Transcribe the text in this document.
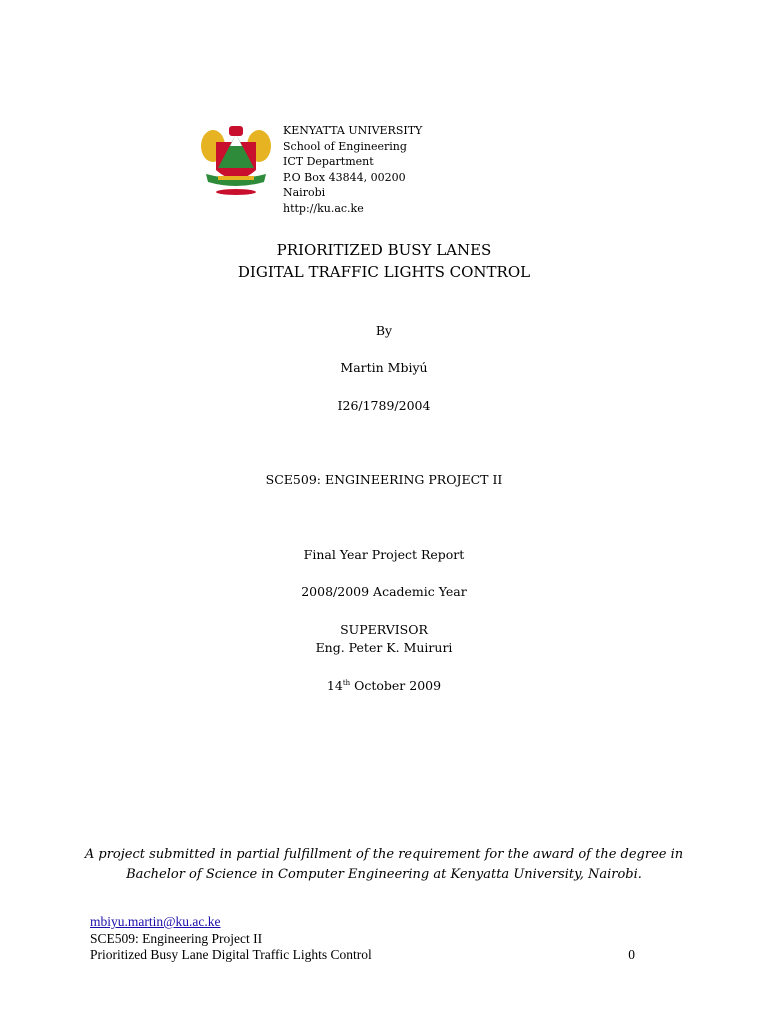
KENYATTA UNIVERSITY
School of Engineering
ICT Department
P.O Box 43844, 00200
Nairobi
http://ku.ac.ke
PRIORITIZED BUSY LANES
DIGITAL TRAFFIC LIGHTS CONTROL
By
Martin Mbiyú
I26/1789/2004
SCE509: ENGINEERING PROJECT II
Final Year Project Report
2008/2009 Academic Year
SUPERVISOR
Eng. Peter K. Muiruri
14th October 2009
A project submitted in partial fulfillment of the requirement for the award of the degree in
Bachelor of Science in Computer Engineering at Kenyatta University, Nairobi.
mbiyu.martin@ku.ac.ke
SCE509: Engineering Project II
Prioritized Busy Lane Digital Traffic Lights Control	0
